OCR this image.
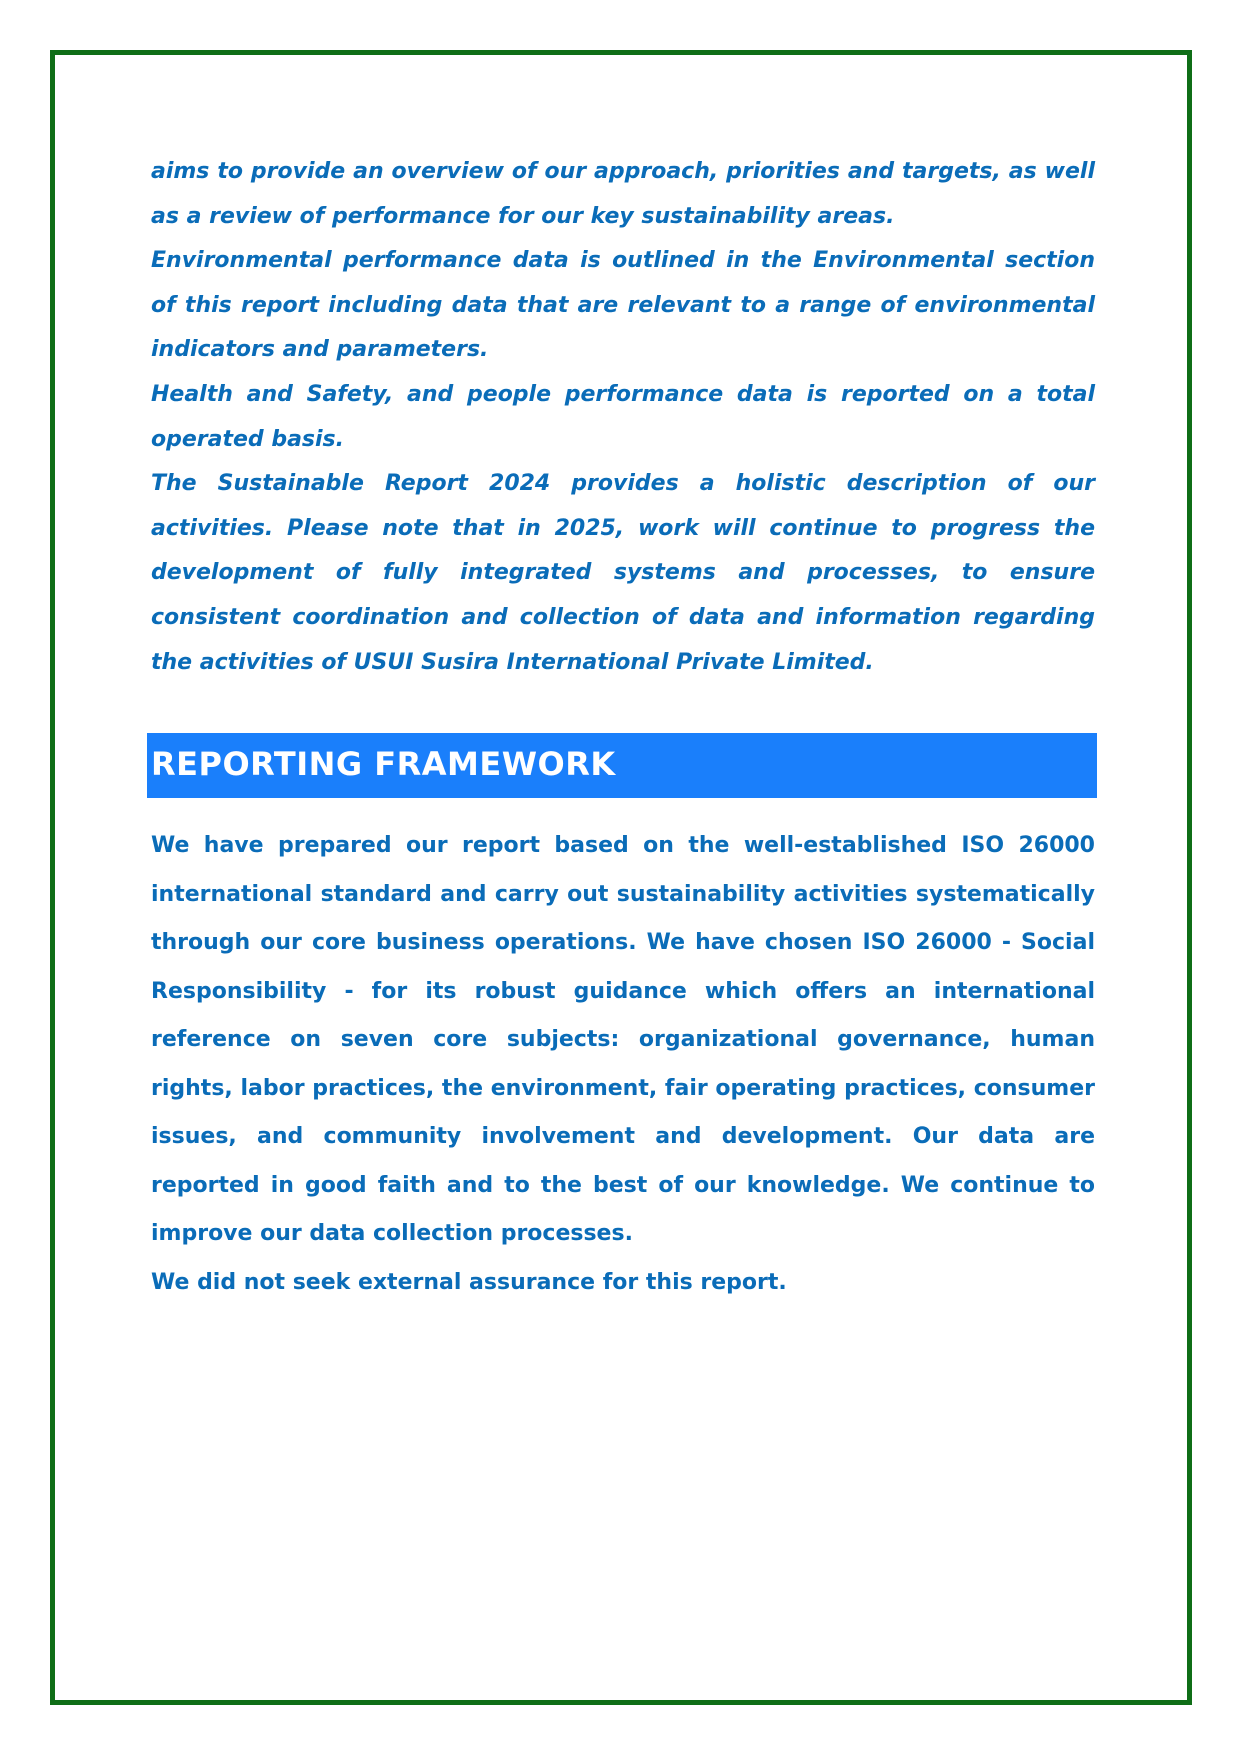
aims to provide an overview of our approach, priorities and targets, as well as a review of performance for our key sustainability areas.

Environmental performance data is outlined in the Environmental section of this report including data that are relevant to a range of environmental indicators and parameters.

Health and Safety, and people performance data is reported on a total operated basis.

The Sustainable Report 2024 provides a holistic description of our activities. Please note that in 2025, work will continue to progress the development of fully integrated systems and processes, to ensure consistent coordination and collection of data and information regarding the activities of USUI Susira International Private Limited.

REPORTING FRAMEWORK

We have prepared our report based on the well-established ISO 26000 international standard and carry out sustainability activities systematically through our core business operations. We have chosen ISO 26000 - Social Responsibility - for its robust guidance which offers an international reference on seven core subjects: organizational governance, human rights, labor practices, the environment, fair operating practices, consumer issues, and community involvement and development. Our data are reported in good faith and to the best of our knowledge. We continue to improve our data collection processes.

We did not seek external assurance for this report.
